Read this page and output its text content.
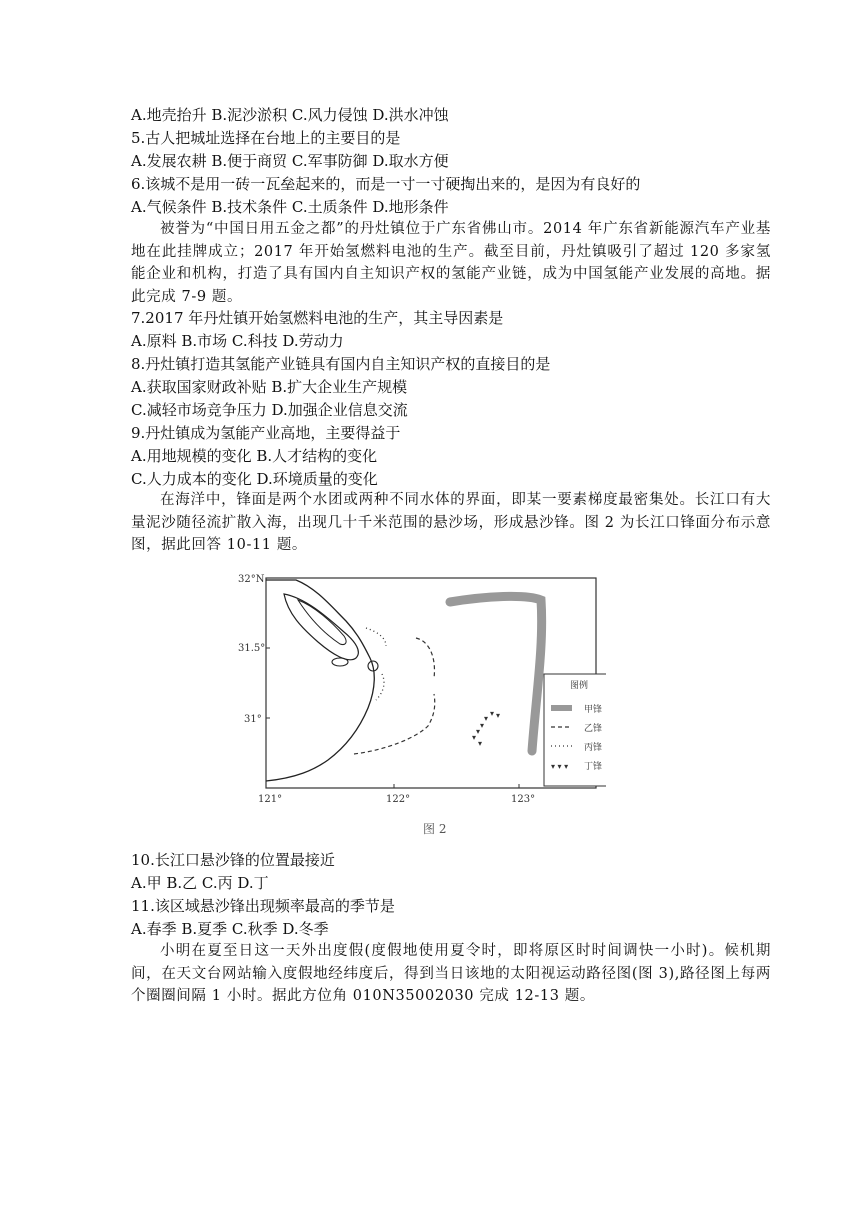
A.地壳抬升 B.泥沙淤积 C.风力侵蚀 D.洪水冲蚀
5.古人把城址选择在台地上的主要目的是
A.发展农耕 B.便于商贸 C.军事防御 D.取水方便
6.该城不是用一砖一瓦垒起来的，而是一寸一寸硬掏出来的，是因为有良好的
A.气候条件 B.技术条件 C.土质条件 D.地形条件
被誉为“中国日用五金之都”的丹灶镇位于广东省佛山市。2014 年广东省新能源汽车产业基地在此挂牌成立；2017 年开始氢燃料电池的生产。截至目前，丹灶镇吸引了超过 120 多家氢能企业和机构，打造了具有国内自主知识产权的氢能产业链，成为中国氢能产业发展的高地。据此完成 7-9 题。
7.2017 年丹灶镇开始氢燃料电池的生产，其主导因素是
A.原料 B.市场 C.科技 D.劳动力
8.丹灶镇打造其氢能产业链具有国内自主知识产权的直接目的是
A.获取国家财政补贴 B.扩大企业生产规模
C.减轻市场竞争压力 D.加强企业信息交流
9.丹灶镇成为氢能产业高地，主要得益于
A.用地规模的变化 B.人才结构的变化
C.人力成本的变化 D.环境质量的变化
在海洋中，锋面是两个水团或两种不同水体的界面，即某一要素梯度最密集处。长江口有大量泥沙随径流扩散入海，出现几十千米范围的悬沙场，形成悬沙锋。图 2 为长江口锋面分布示意图，据此回答 10-11 题。
32°N
31.5°
31°
121°	122°	123°
▾
▾
▾
▾
▾
▾ ▾
图例
甲锋
乙锋
丙锋
▾ ▾ ▾ 丁锋
图 2
10.长江口悬沙锋的位置最接近
A.甲 B.乙 C.丙 D.丁
11.该区域悬沙锋出现频率最高的季节是
A.春季 B.夏季 C.秋季 D.冬季
小明在夏至日这一天外出度假(度假地使用夏令时，即将原区时时间调快一小时)。候机期间，在天文台网站输入度假地经纬度后，得到当日该地的太阳视运动路径图(图 3),路径图上每两个圈圈间隔 1 小时。据此方位角 010N35002030 完成 12-13 题。
